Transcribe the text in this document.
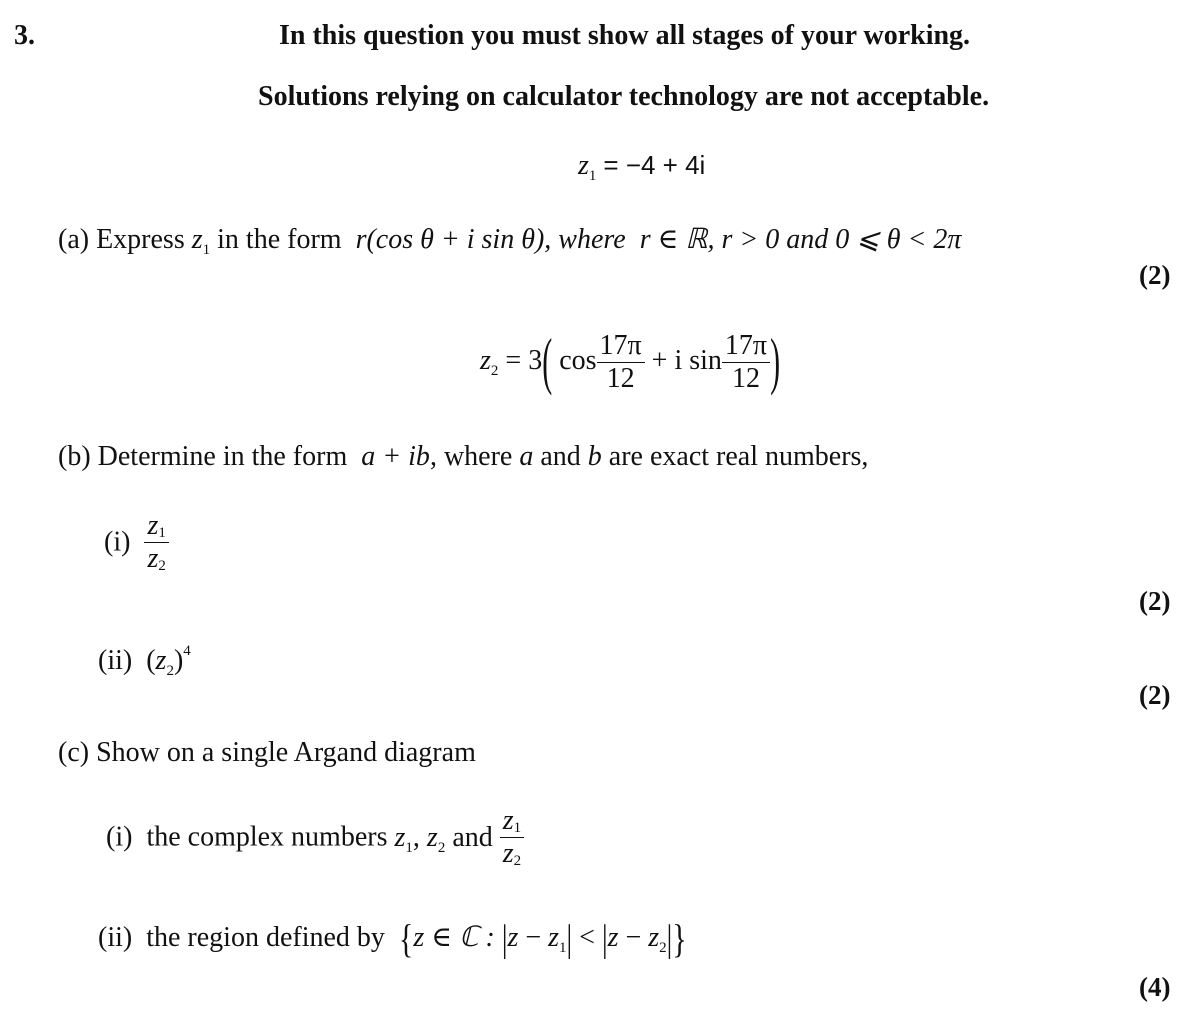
3.	In this question you must show all stages of your working.
Solutions relying on calculator technology are not acceptable.
$z_1 = -4 + 4i$
(a) Express $z_1$ in the form r(cos θ + i sin θ), where r ∈ ℝ, r > 0 and 0 ⩽ θ < 2π
(2)
$z_2 = 3$( $\cos \frac{17\pi}{12} + i$ $\sin \frac{17\pi}{12}$ )
(b) Determine in the form a + ib, where a and b are exact real numbers,
$(i) \frac{z1}{z2}$
(2)
(ii)  $(z_2)^4$
(2)
(c) Show on a single Argand diagram
(i) the complex numbers $z_1$, $z_2$ and $\frac{z1}{z2}$
(ii) the region defined by {z ∈ ℂ : $|z - z_1| < |z - z_2|$}
(4)
